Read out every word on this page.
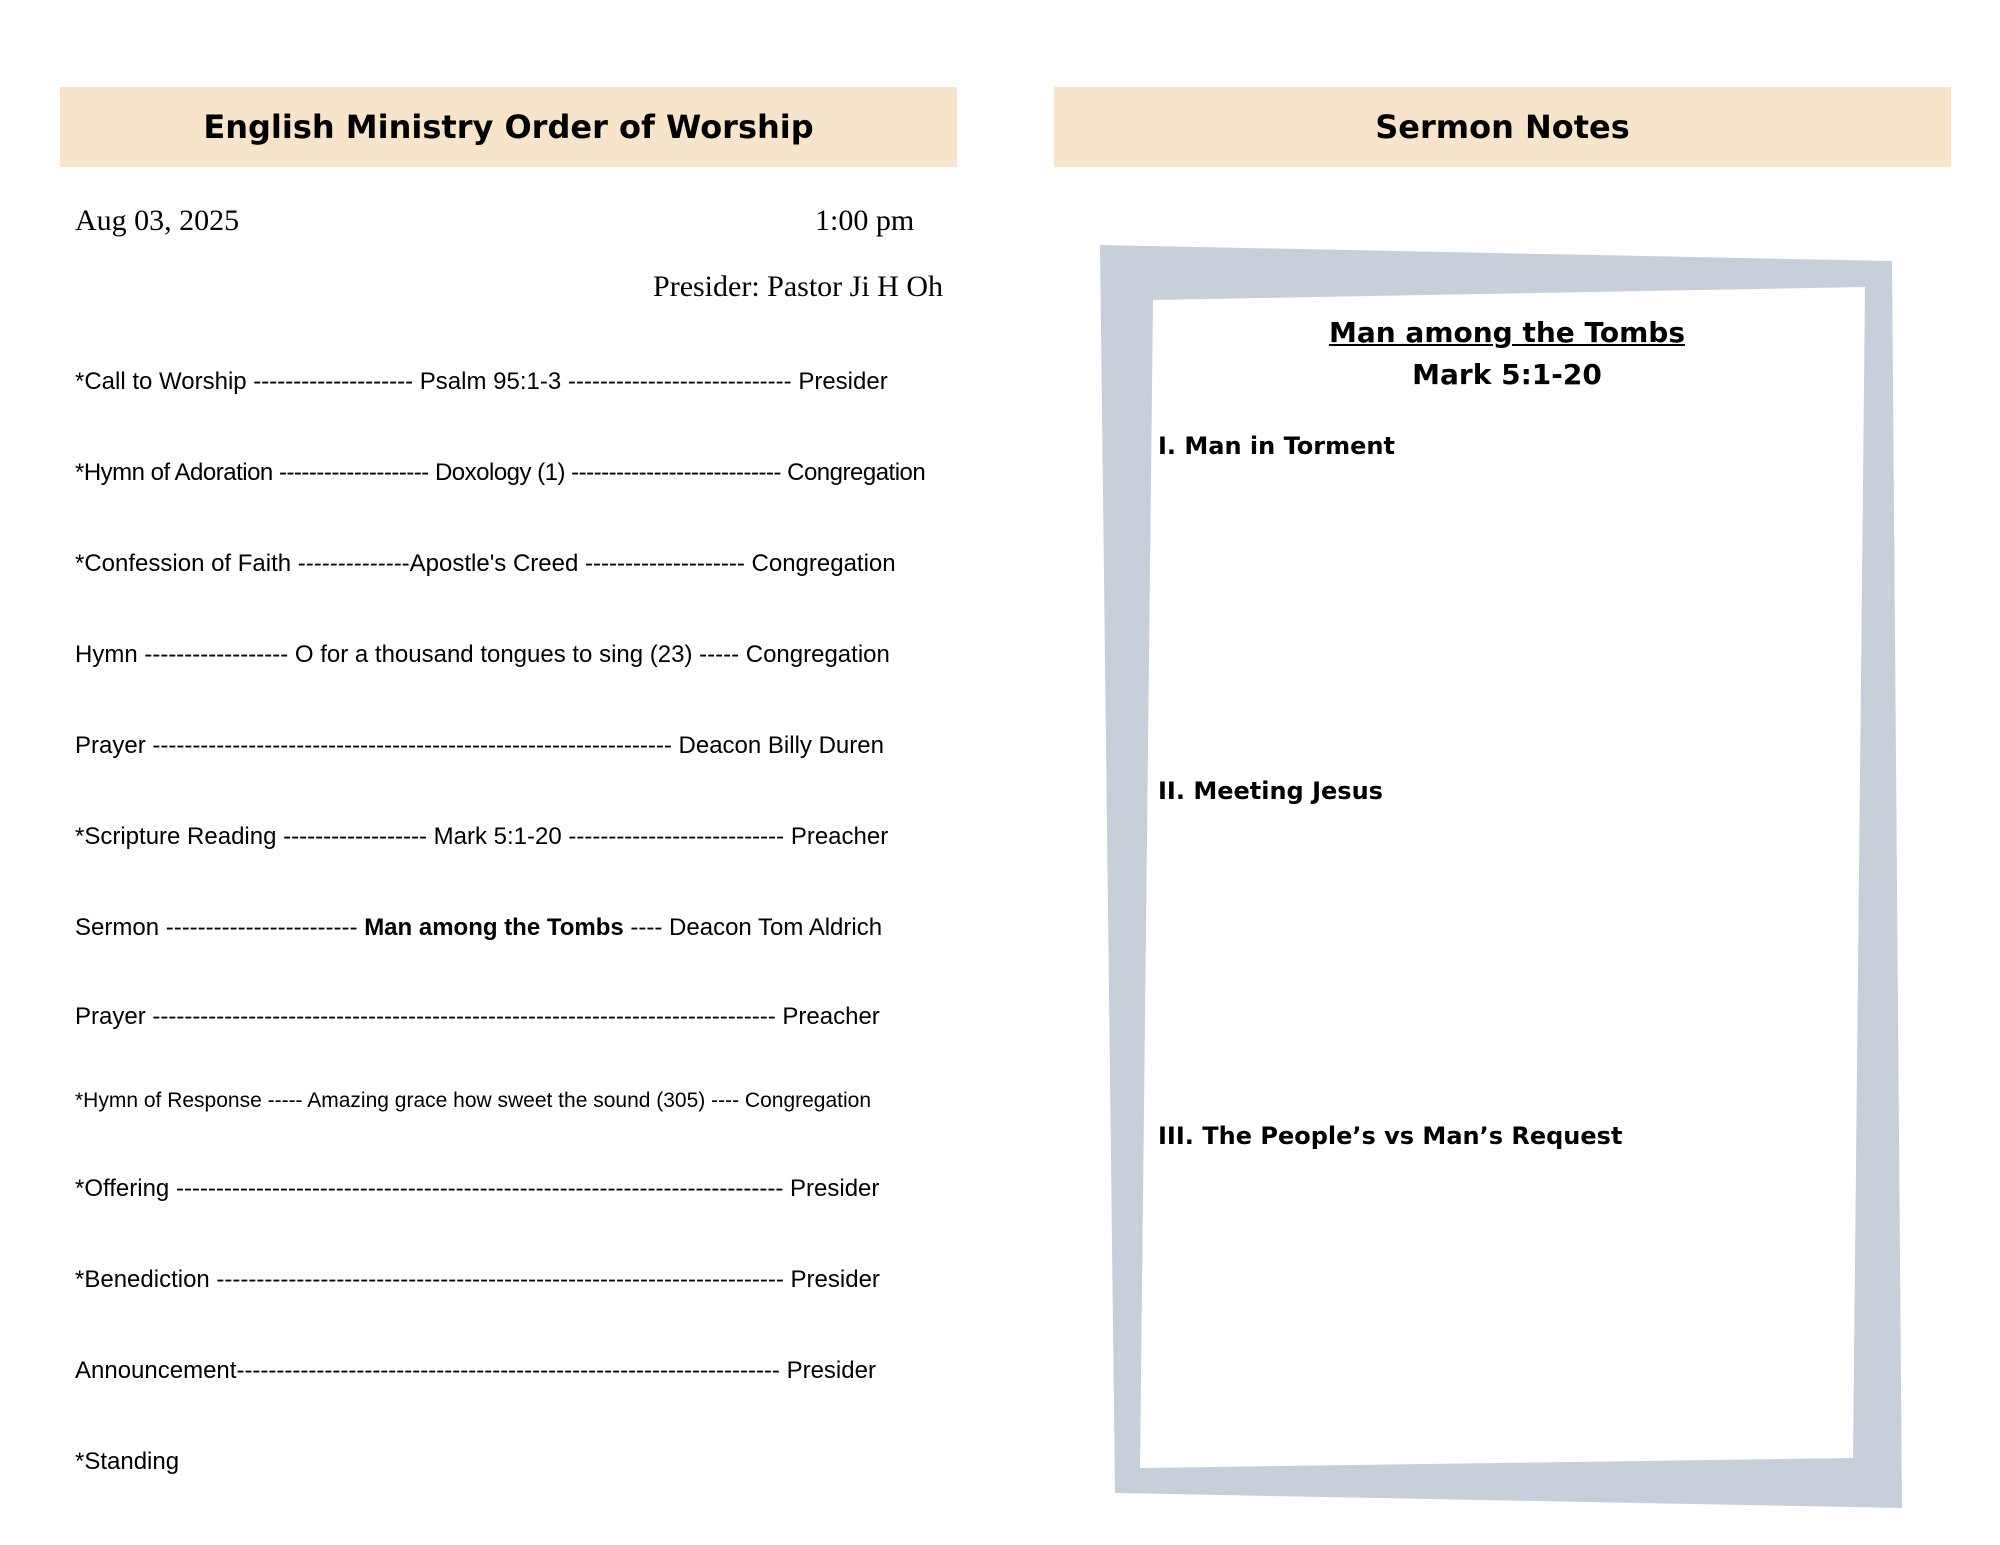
English Ministry Order of Worship
Aug 03, 2025	1:00 pm
Presider: Pastor Ji H Oh
*Call to Worship -------------------- Psalm 95:1-3 ---------------------------- Presider
*Hymn of Adoration -------------------- Doxology (1) ---------------------------- Congregation
*Confession of Faith --------------Apostle's Creed -------------------- Congregation
Hymn ------------------ O for a thousand tongues to sing (23) ----- Congregation
Prayer ----------------------------------------------------------------- Deacon Billy Duren
*Scripture Reading ------------------ Mark 5:1-20 --------------------------- Preacher
Sermon ------------------------ Man among the Tombs ---- Deacon Tom Aldrich
Prayer ------------------------------------------------------------------------------ Preacher
*Hymn of Response ----- Amazing grace how sweet the sound (305) ---- Congregation
*Offering ---------------------------------------------------------------------------- Presider
*Benediction ----------------------------------------------------------------------- Presider
Announcement-------------------------------------------------------------------- Presider
*Standing
Sermon Notes
Man among the Tombs
Mark 5:1-20
I. Man in Torment
II. Meeting Jesus
III. The People’s vs Man’s Request
